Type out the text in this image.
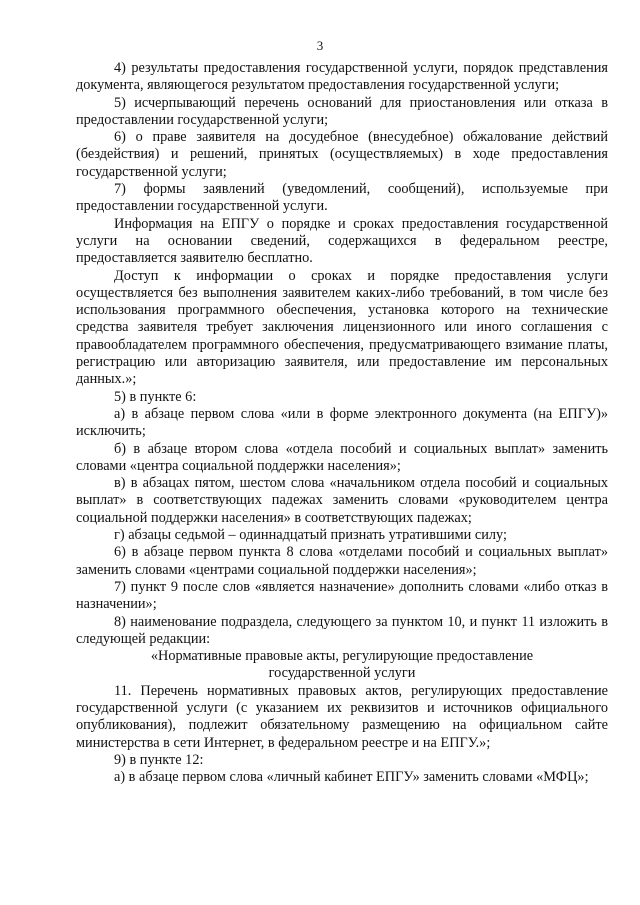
3

4) результаты предоставления государственной услуги, порядок представления документа, являющегося результатом предоставления государственной услуги;

5) исчерпывающий перечень оснований для приостановления или отказа в предоставлении государственной услуги;

6) о праве заявителя на досудебное (внесудебное) обжалование действий (бездействия) и решений, принятых (осуществляемых) в ходе предоставления государственной услуги;

7) формы заявлений (уведомлений, сообщений), используемые при предоставлении государственной услуги.

Информация на ЕПГУ о порядке и сроках предоставления государственной услуги на основании сведений, содержащихся в федеральном реестре, предоставляется заявителю бесплатно.

Доступ к информации о сроках и порядке предоставления услуги осуществляется без выполнения заявителем каких-либо требований, в том числе без использования программного обеспечения, установка которого на технические средства заявителя требует заключения лицензионного или иного соглашения с правообладателем программного обеспечения, предусматривающего взимание платы, регистрацию или авторизацию заявителя, или предоставление им персональных данных.»;

5) в пункте 6:

а) в абзаце первом слова «или в форме электронного документа (на ЕПГУ)» исключить;

б) в абзаце втором слова «отдела пособий и социальных выплат» заменить словами «центра социальной поддержки населения»;

в) в абзацах пятом, шестом слова «начальником отдела пособий и социальных выплат» в соответствующих падежах заменить словами «руководителем центра социальной поддержки населения» в соответствующих падежах;

г) абзацы седьмой – одиннадцатый признать утратившими силу;

6) в абзаце первом пункта 8 слова «отделами пособий и социальных выплат» заменить словами «центрами социальной поддержки населения»;

7) пункт 9 после слов «является назначение» дополнить словами «либо отказ в назначении»;

8) наименование подраздела, следующего за пунктом 10, и пункт 11 изложить в следующей редакции:

«Нормативные правовые акты, регулирующие предоставление

государственной услуги

11. Перечень нормативных правовых актов, регулирующих предоставление государственной услуги (с указанием их реквизитов и источников официального опубликования), подлежит обязательному размещению на официальном сайте министерства в сети Интернет, в федеральном реестре и на ЕПГУ.»;

9) в пункте 12:

а) в абзаце первом слова «личный кабинет ЕПГУ» заменить словами «МФЦ»;
